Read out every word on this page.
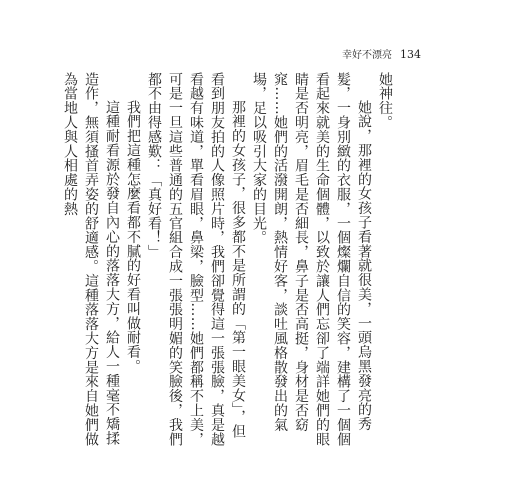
幸好不漂亮 134

她神往。

她說，那裡的女孩子看著就很美，一頭烏黑發亮的秀髮，一身別緻的衣服，一個燦爛自信的笑容，建構了一個個看起來就美的生命個體，以致於讓人們忘卻了端詳她們的眼睛是否明亮，眉毛是否細長，鼻子是否高挺，身材是否窈窕……她們的活潑開朗，熱情好客，談吐風格散發出的氣場，足以吸引大家的目光。

那裡的女孩子，很多都不是所謂的「第一眼美女」，但看到朋友拍的人像照片時，我們卻覺得這一張張臉，真是越看越有味道，單看眉眼，鼻梁，臉型……她們都稱不上美，可是一旦這些普通的五官組合成一張張明媚的笑臉後，我們都不由得感歎：「真好看！」

我們把這種怎麼看都不膩的好看叫做耐看。

這種耐看源於發自內心的落落大方，給人一種毫不矯揉造作，無須搔首弄姿的舒適感。這種落落大方是來自她們做為當地人與人相處的熱
